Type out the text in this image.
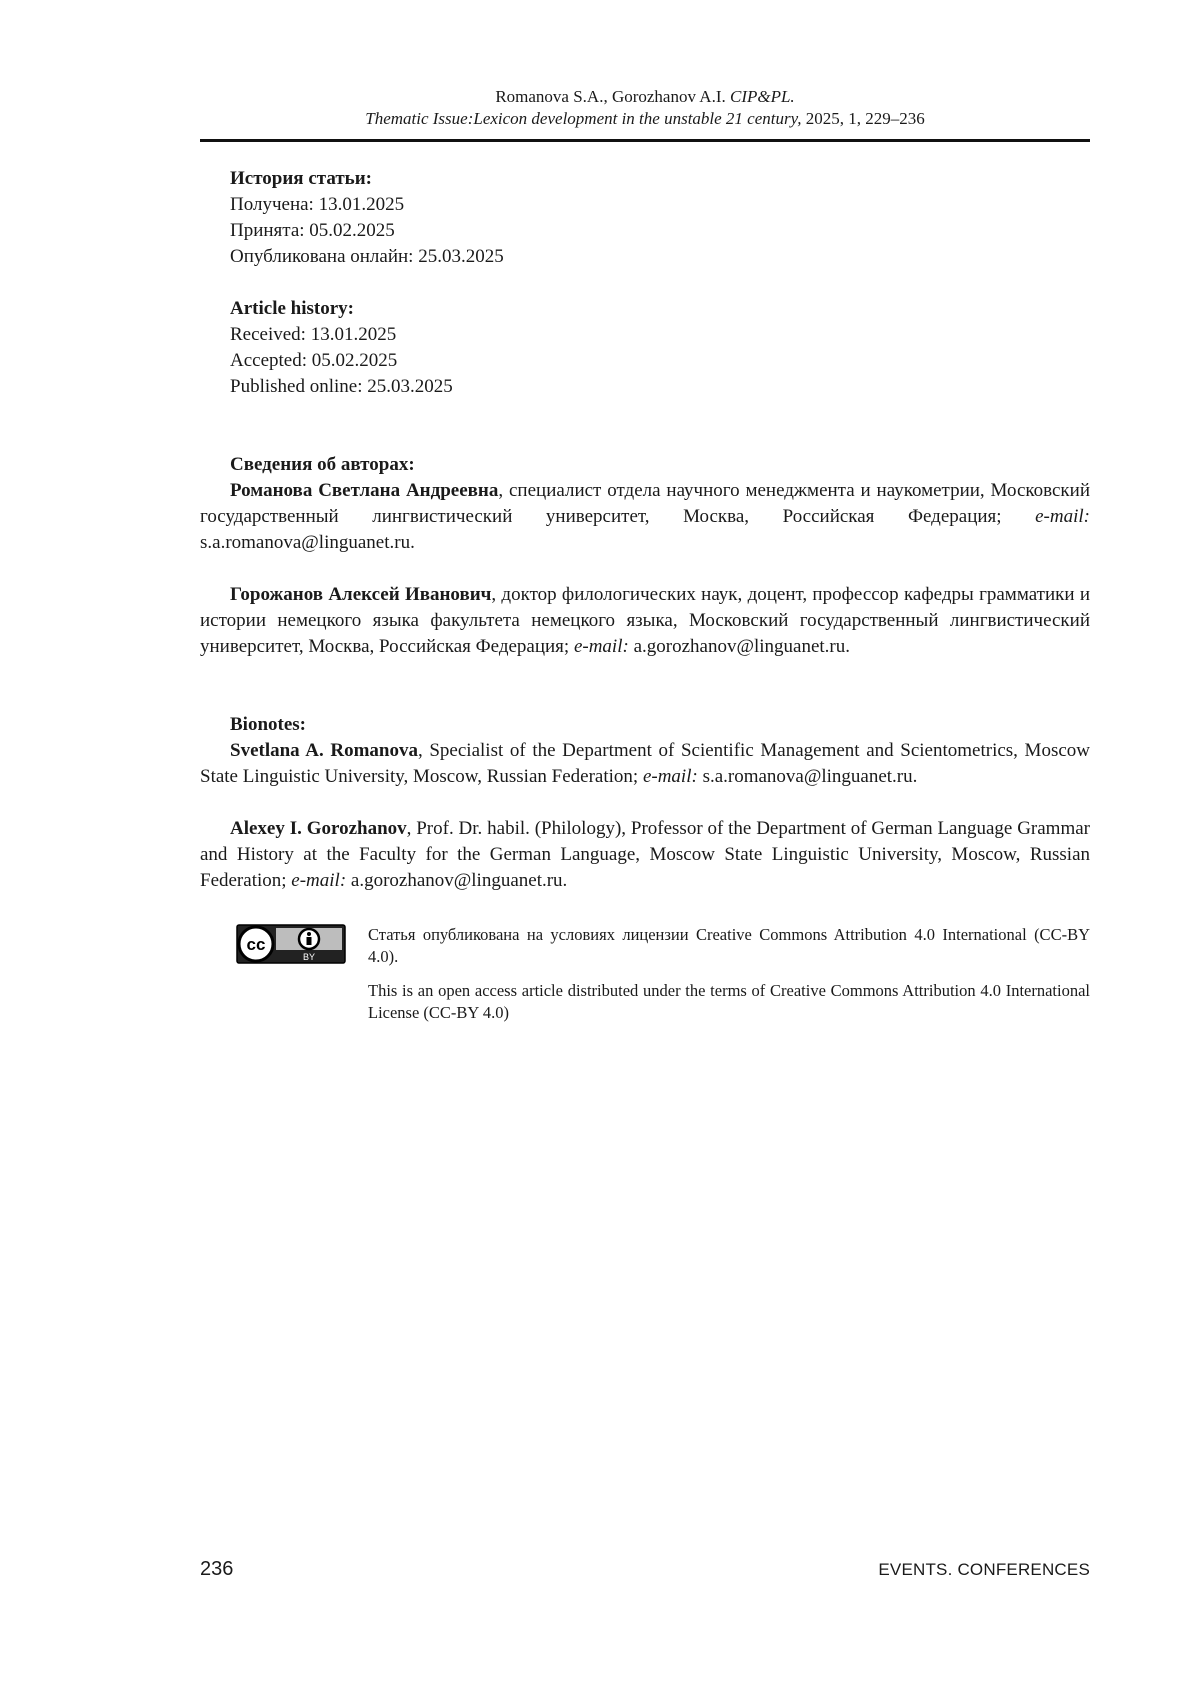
Romanova S.A., Gorozhanov A.I. CIP&PL.
Thematic Issue:Lexicon development in the unstable 21 century, 2025, 1, 229–236

История статьи:

Получена: 13.01.2025

Принята: 05.02.2025

Опубликована онлайн: 25.03.2025

Article history:

Received: 13.01.2025

Accepted: 05.02.2025

Published online: 25.03.2025

Сведения об авторах:

Романова Светлана Андреевна, специалист отдела научного менеджмента и наукометрии, Московский государственный лингвистический университет, Москва, Российская Федерация; e-mail: s.a.romanova@linguanet.ru.

Горожанов Алексей Иванович, доктор филологических наук, доцент, профессор кафедры грамматики и истории немецкого языка факультета немецкого языка, Московский государственный лингвистический университет, Москва, Российская Федерация; e-mail: a.gorozhanov@linguanet.ru.

Bionotes:

Svetlana A. Romanova, Specialist of the Department of Scientific Management and Scientometrics, Moscow State Linguistic University, Moscow, Russian Federation; e-mail: s.a.romanova@linguanet.ru.

Alexey I. Gorozhanov, Prof. Dr. habil. (Philology), Professor of the Department of German Language Grammar and History at the Faculty for the German Language, Moscow State Linguistic University, Moscow, Russian Federation; e-mail: a.gorozhanov@linguanet.ru.

cc
BY

Статья опубликована на условиях лицензии Creative Commons Attribution 4.0 International (CC-BY 4.0).

This is an open access article distributed under the terms of Creative Commons Attribution 4.0 International License (CC-BY 4.0)

236	EVENTS. CONFERENCES
